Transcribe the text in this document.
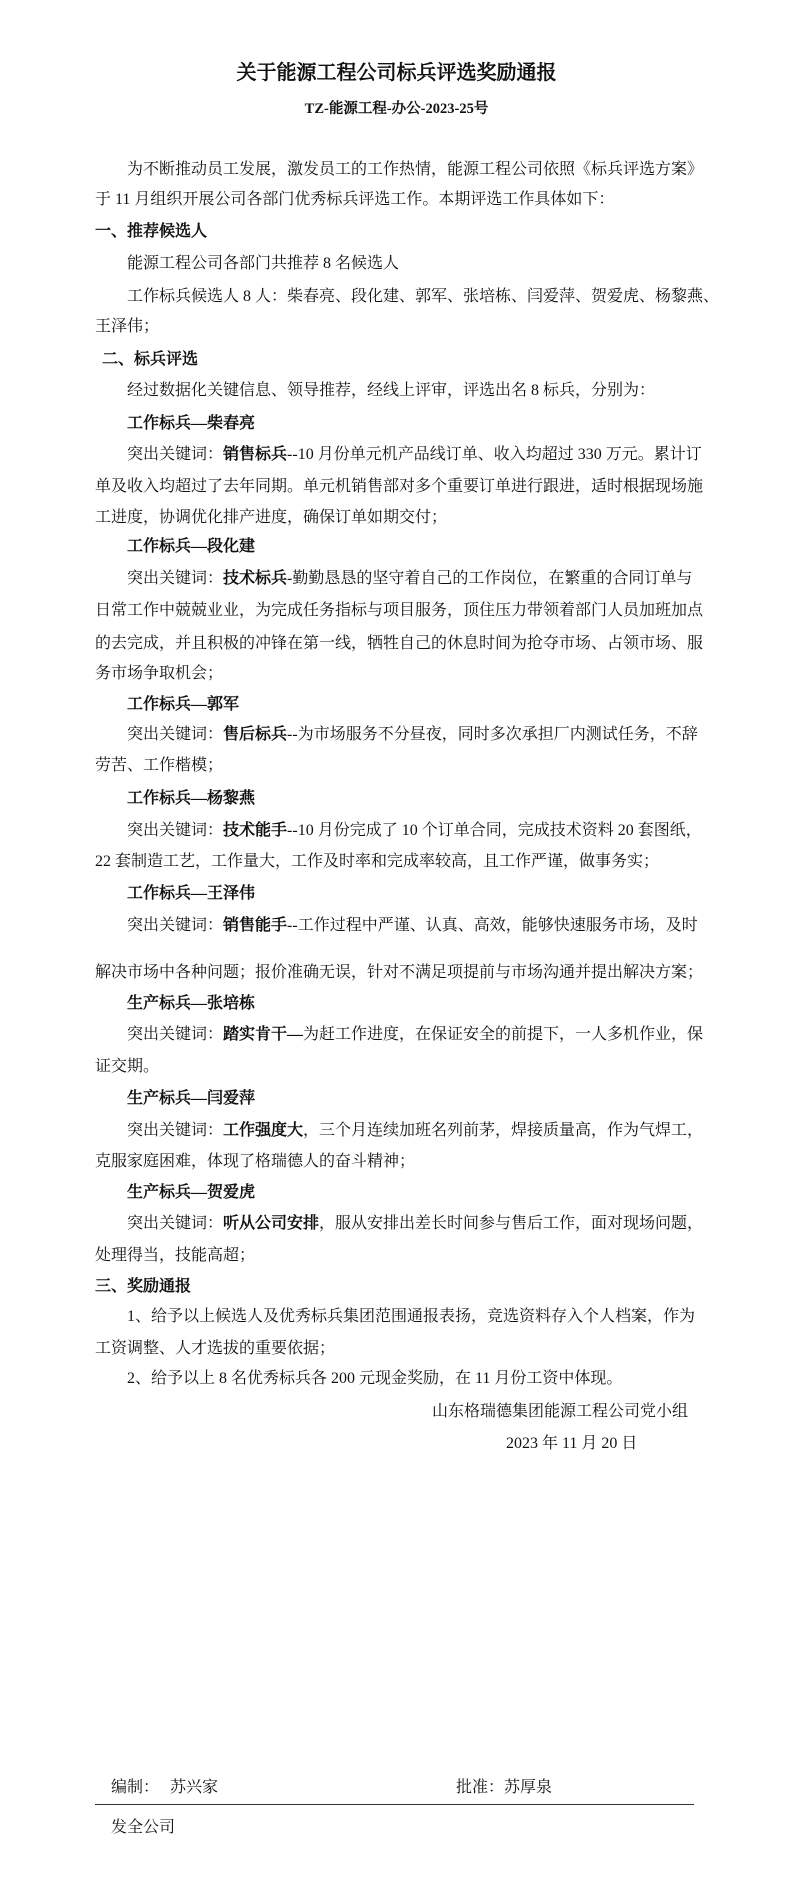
关于能源工程公司标兵评选奖励通报
TZ-能源工程-办公-2023-25号
为不断推动员工发展，激发员工的工作热情，能源工程公司依照《标兵评选方案》
于 11 月组织开展公司各部门优秀标兵评选工作。本期评选工作具体如下：
一、推荐候选人
能源工程公司各部门共推荐 8 名候选人
工作标兵候选人 8 人：柴春亮、段化建、郭军、张培栋、闫爱萍、贺爱虎、杨黎燕、
王泽伟；
二、标兵评选
经过数据化关键信息、领导推荐，经线上评审，评选出名 8 标兵，分别为：
工作标兵—柴春亮
突出关键词：销售标兵--10 月份单元机产品线订单、收入均超过 330 万元。累计订
单及收入均超过了去年同期。单元机销售部对多个重要订单进行跟进，适时根据现场施
工进度，协调优化排产进度，确保订单如期交付；
工作标兵—段化建
突出关键词：技术标兵-勤勤恳恳的坚守着自己的工作岗位，在繁重的合同订单与
日常工作中兢兢业业，为完成任务指标与项目服务，顶住压力带领着部门人员加班加点
的去完成，并且积极的冲锋在第一线，牺牲自己的休息时间为抢夺市场、占领市场、服
务市场争取机会；
工作标兵—郭军
突出关键词：售后标兵--为市场服务不分昼夜，同时多次承担厂内测试任务，不辞
劳苦、工作楷模；
工作标兵—杨黎燕
突出关键词：技术能手--10 月份完成了 10 个订单合同，完成技术资料 20 套图纸，
22 套制造工艺，工作量大，工作及时率和完成率较高，且工作严谨，做事务实；
工作标兵—王泽伟
突出关键词：销售能手--工作过程中严谨、认真、高效，能够快速服务市场，及时
解决市场中各种问题；报价准确无误，针对不满足项提前与市场沟通并提出解决方案；
生产标兵—张培栋
突出关键词：踏实肯干—为赶工作进度，在保证安全的前提下，一人多机作业，保
证交期。
生产标兵—闫爱萍
突出关键词：工作强度大，三个月连续加班名列前茅，焊接质量高，作为气焊工，
克服家庭困难，体现了格瑞德人的奋斗精神；
生产标兵—贺爱虎
突出关键词：听从公司安排，服从安排出差长时间参与售后工作，面对现场问题，
处理得当，技能高超；
三、奖励通报
1、给予以上候选人及优秀标兵集团范围通报表扬，竞选资料存入个人档案，作为
工资调整、人才选拔的重要依据；
2、给予以上 8 名优秀标兵各 200 元现金奖励，在 11 月份工资中体现。
山东格瑞德集团能源工程公司党小组
2023 年 11 月 20 日
编制： 苏兴家	批准：苏厚泉
发全公司
